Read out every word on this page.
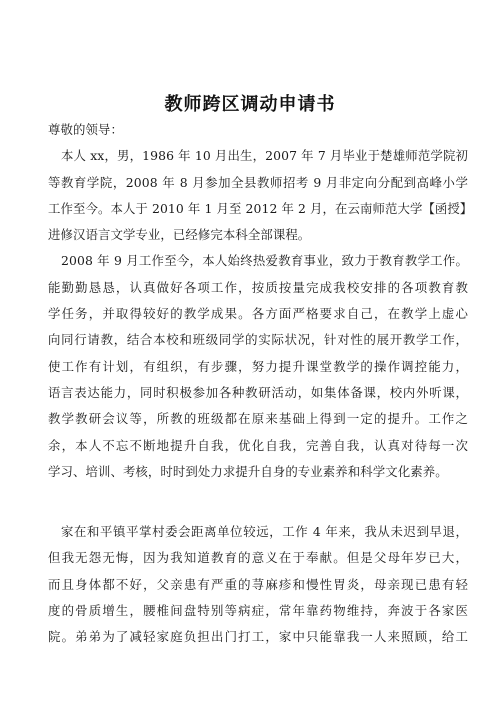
教师跨区调动申请书
尊敬的领导：
本人 xx，男，1986 年 10 月出生，2007 年 7 月毕业于楚雄师范学院初
等教育学院，2008 年 8 月参加全县教师招考 9 月非定向分配到高峰小学
工作至今。本人于 2010 年 1 月至 2012 年 2 月，在云南师范大学【函授】
进修汉语言文学专业，已经修完本科全部课程。
2008 年 9 月工作至今，本人始终热爱教育事业，致力于教育教学工作。
能勤勤恳恳，认真做好各项工作，按质按量完成我校安排的各项教育教
学任务，并取得较好的教学成果。各方面严格要求自己，在教学上虚心
向同行请教，结合本校和班级同学的实际状况，针对性的展开教学工作，
使工作有计划，有组织，有步骤，努力提升课堂教学的操作调控能力，
语言表达能力，同时积极参加各种教研活动，如集体备课，校内外听课，
教学教研会议等，所教的班级都在原来基础上得到一定的提升。工作之
余，本人不忘不断地提升自我，优化自我，完善自我，认真对待每一次
学习、培训、考核，时时到处力求提升自身的专业素养和科学文化素养。
家在和平镇平掌村委会距离单位较远，工作 4 年来，我从未迟到早退，
但我无怨无悔，因为我知道教育的意义在于奉献。但是父母年岁已大，
而且身体都不好，父亲患有严重的荨麻疹和慢性胃炎，母亲现已患有轻
度的骨质增生，腰椎间盘特别等病症，常年靠药物维持，奔波于各家医
院。弟弟为了减轻家庭负担出门打工，家中只能靠我一人来照顾，给工
